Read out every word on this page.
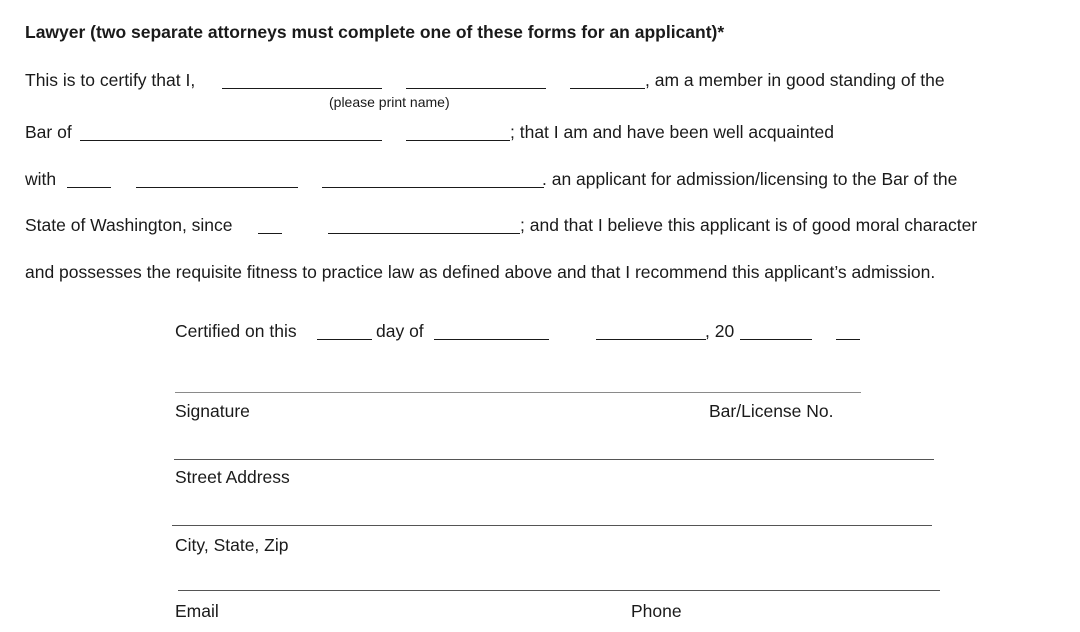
Lawyer (two separate attorneys must complete one of these forms for an applicant)*
This is to certify that I,	, am a member in good standing of the
(please print name)
Bar of	; that I am and have been well acquainted
with	. an applicant for admission/licensing to the Bar of the
State of Washington, since	; and that I believe this applicant is of good moral character
and possesses the requisite fitness to practice law as defined above and that I recommend this applicant’s admission.
Certified on this	day of	, 20
Signature	Bar/License No.
Street Address
City, State, Zip
Email	Phone
